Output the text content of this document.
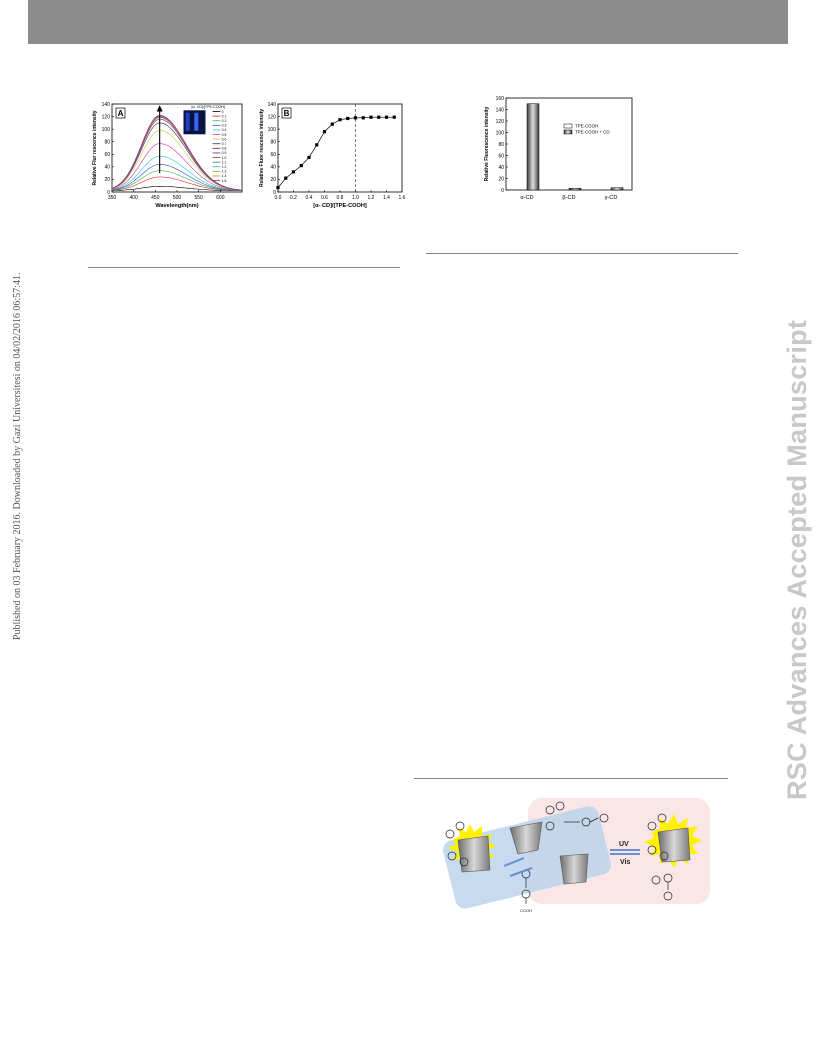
Published on 03 February 2016. Downloaded by Gazi Universitesi on 04/02/2016 06:57:41.	RSC Advances Accepted Manuscript
0
20
40
60
80
100
120
140
350	400	450	500	550	600
Wavelength(nm)
Relative Flur rescence intensity A
[α- CD]/[TPE-COOH]
0
0.1
0.2
0.3
0.4
0.5
0.6
0.7
0.8
0.9
1.0
1.1
1.2
1.3
1.4
1.5
0
20
40
60
80
100
120
140
0.0 0.2 0.4 0.6 0.8 1.0 1.2 1.4 1.6
[α- CD]/[TPE-COOH]
Relative Fluor rescence intensity B
0
20
40
60
80
100
120
140
160
Relative Fluorescence intensity
α-CD	β-CD	γ-CD
TPE-COOH
TPE-COOH + CD
COOH
UV
Vis
